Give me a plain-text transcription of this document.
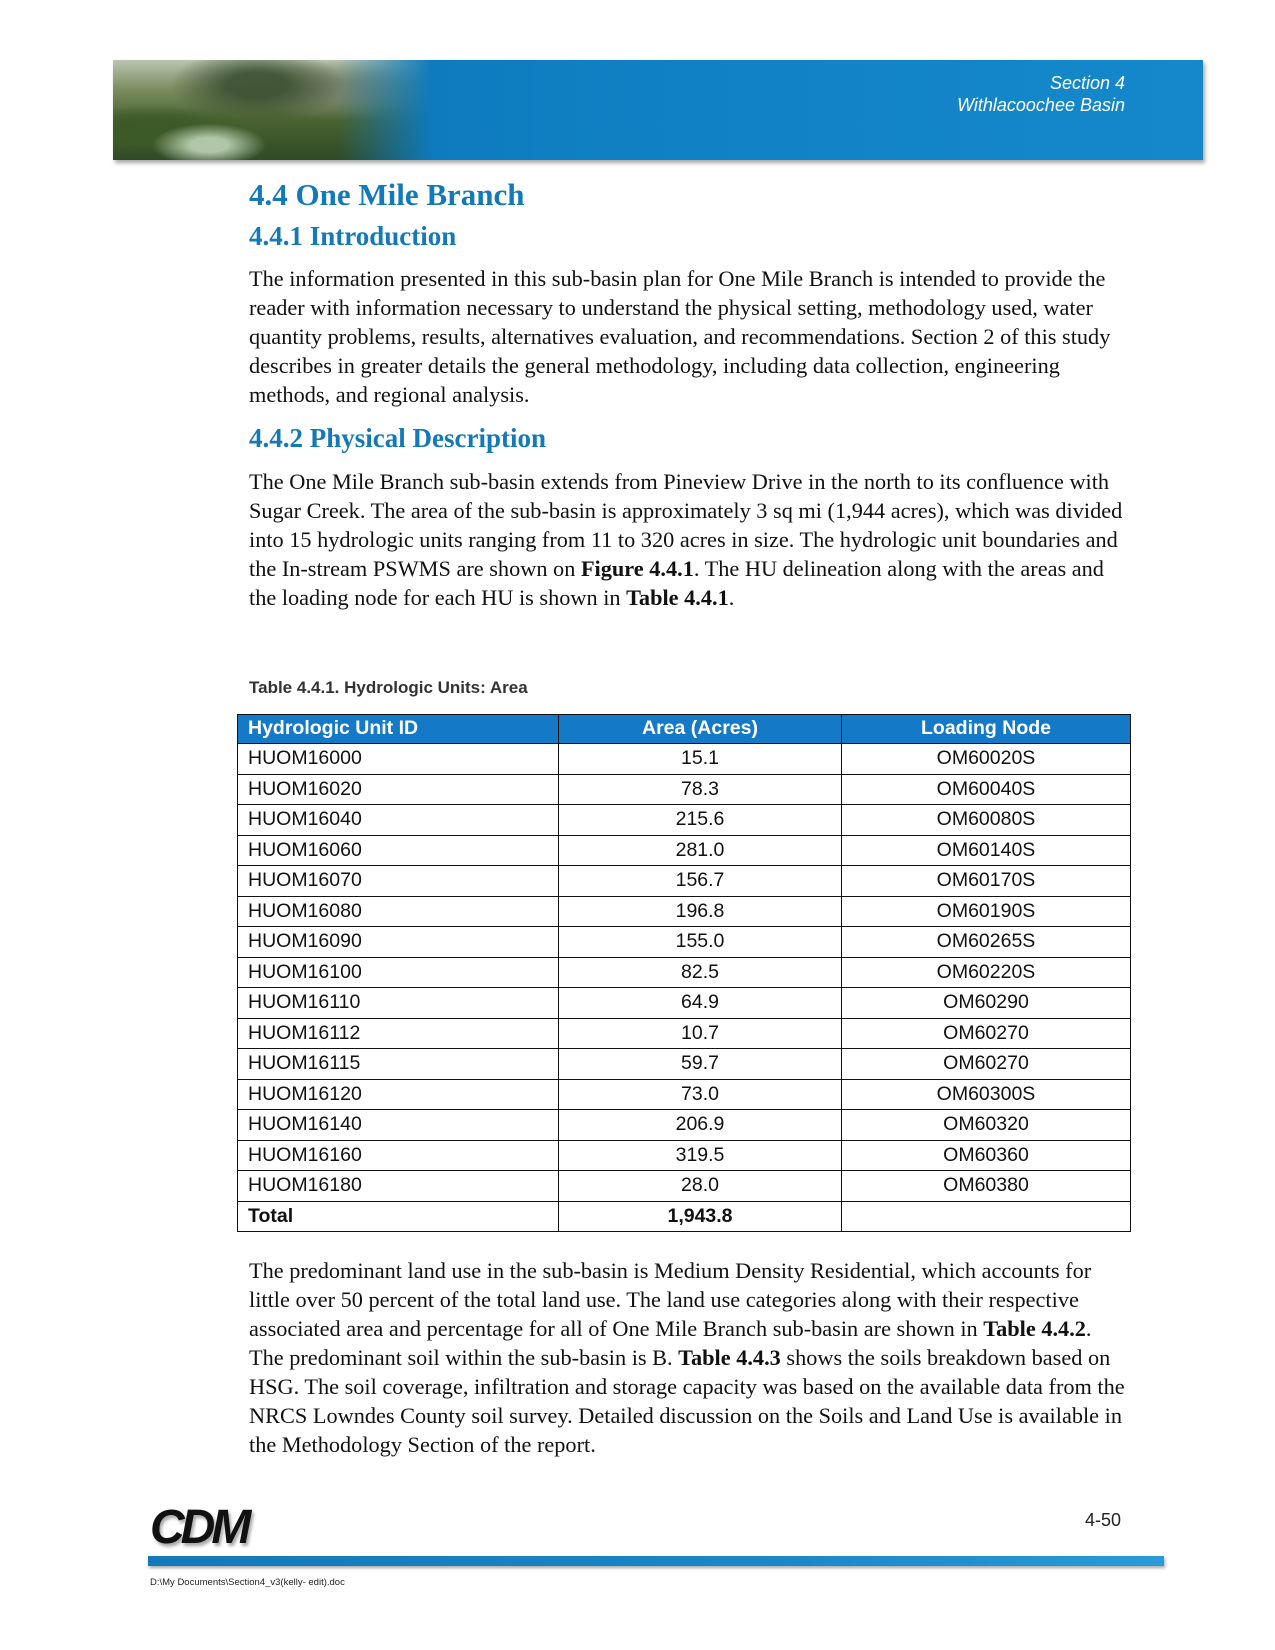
Section 4
Withlacoochee Basin
4.4 One Mile Branch
4.4.1 Introduction

The information presented in this sub-basin plan for One Mile Branch is intended to provide the reader with information necessary to understand the physical setting, methodology used, water quantity problems, results, alternatives evaluation, and recommendations. Section 2 of this study describes in greater details the general methodology, including data collection, engineering methods, and regional analysis.

4.4.2 Physical Description

The One Mile Branch sub-basin extends from Pineview Drive in the north to its confluence with Sugar Creek. The area of the sub-basin is approximately 3 sq mi (1,944 acres), which was divided into 15 hydrologic units ranging from 11 to 320 acres in size. The hydrologic unit boundaries and the In-stream PSWMS are shown on Figure 4.4.1. The HU delineation along with the areas and the loading node for each HU is shown in Table 4.4.1.

Table 4.4.1. Hydrologic Units: Area
Hydrologic Unit ID	Area (Acres)	Loading Node
HUOM16000	15.1	OM60020S
HUOM16020	78.3	OM60040S
HUOM16040	215.6	OM60080S
HUOM16060	281.0	OM60140S
HUOM16070	156.7	OM60170S
HUOM16080	196.8	OM60190S
HUOM16090	155.0	OM60265S
HUOM16100	82.5	OM60220S
HUOM16110	64.9	OM60290
HUOM16112	10.7	OM60270
HUOM16115	59.7	OM60270
HUOM16120	73.0	OM60300S
HUOM16140	206.9	OM60320
HUOM16160	319.5	OM60360
HUOM16180	28.0	OM60380
Total	1,943.8	

The predominant land use in the sub-basin is Medium Density Residential, which accounts for little over 50 percent of the total land use. The land use categories along with their respective associated area and percentage for all of One Mile Branch sub-basin are shown in Table 4.4.2. The predominant soil within the sub-basin is B. Table 4.4.3 shows the soils breakdown based on HSG. The soil coverage, infiltration and storage capacity was based on the available data from the NRCS Lowndes County soil survey. Detailed discussion on the Soils and Land Use is available in the Methodology Section of the report.

CDM	4-50
D:\My Documents\Section4_v3(kelly- edit).doc
